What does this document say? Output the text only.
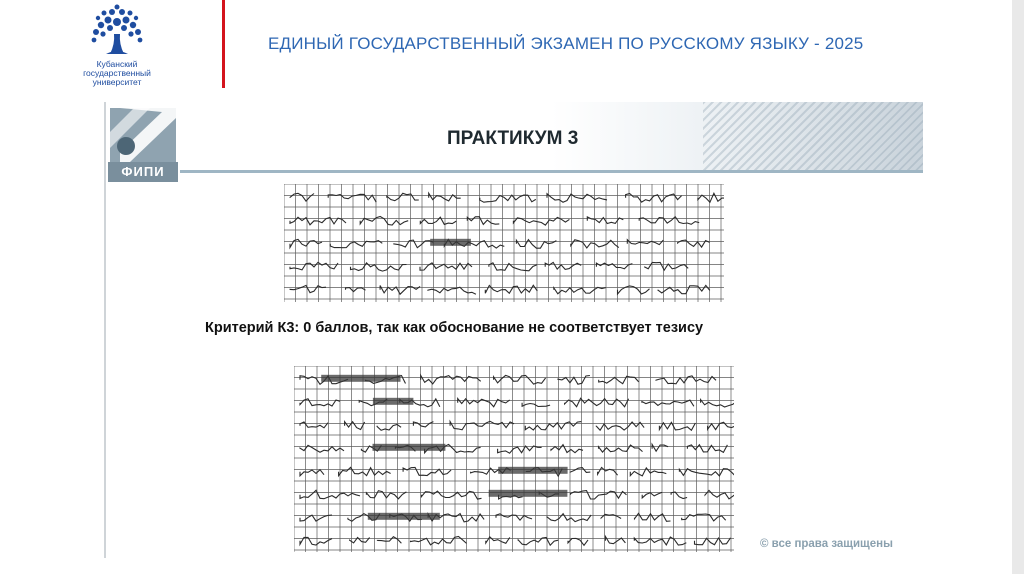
Кубанский
государственный
университет
ЕДИНЫЙ ГОСУДАРСТВЕННЫЙ ЭКЗАМЕН ПО РУССКОМУ ЯЗЫКУ - 2025
ФИПИ
ПРАКТИКУМ 3
Критерий К3: 0 баллов, так как обоснование не соответствует тезису
© все права защищены
